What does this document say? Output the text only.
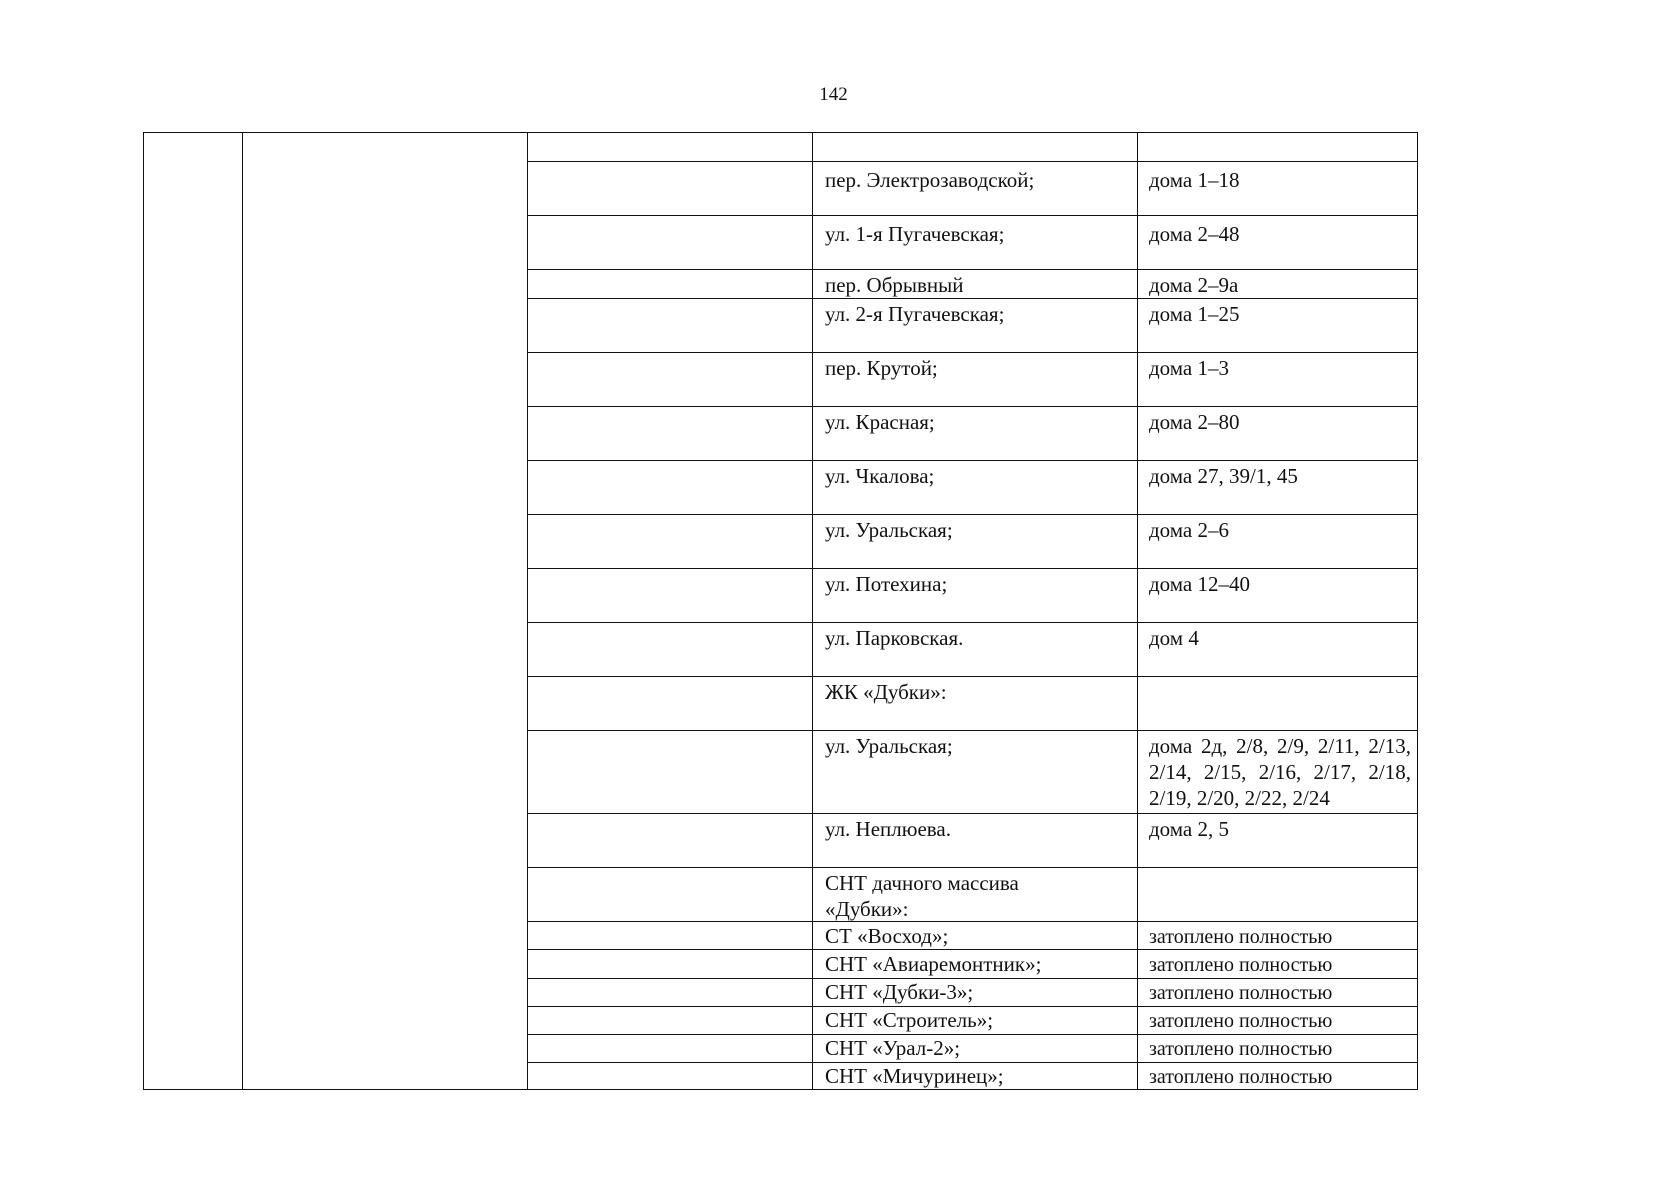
142
пер. Электрозаводской;	дома 1–18
ул. 1-я Пугачевская;	дома 2–48
пер. Обрывный	дома 2–9а
ул. 2-я Пугачевская;	дома 1–25
пер. Крутой;	дома 1–3
ул. Красная;	дома 2–80
ул. Чкалова;	дома 27, 39/1, 45
ул. Уральская;	дома 2–6
ул. Потехина;	дома 12–40
ул. Парковская.	дом 4
ЖК «Дубки»:
ул. Уральская;	дома 2д, 2/8, 2/9, 2/11, 2/13, 2/14, 2/15, 2/16, 2/17, 2/18, 2/19, 2/20, 2/22, 2/24
ул. Неплюева.	дома 2, 5
СНТ дачного массива «Дубки»:
СТ «Восход»;	затоплено полностью
СНТ «Авиаремонтник»;	затоплено полностью
СНТ «Дубки-3»;	затоплено полностью
СНТ «Строитель»;	затоплено полностью
СНТ «Урал-2»;	затоплено полностью
СНТ «Мичуринец»;	затоплено полностью
